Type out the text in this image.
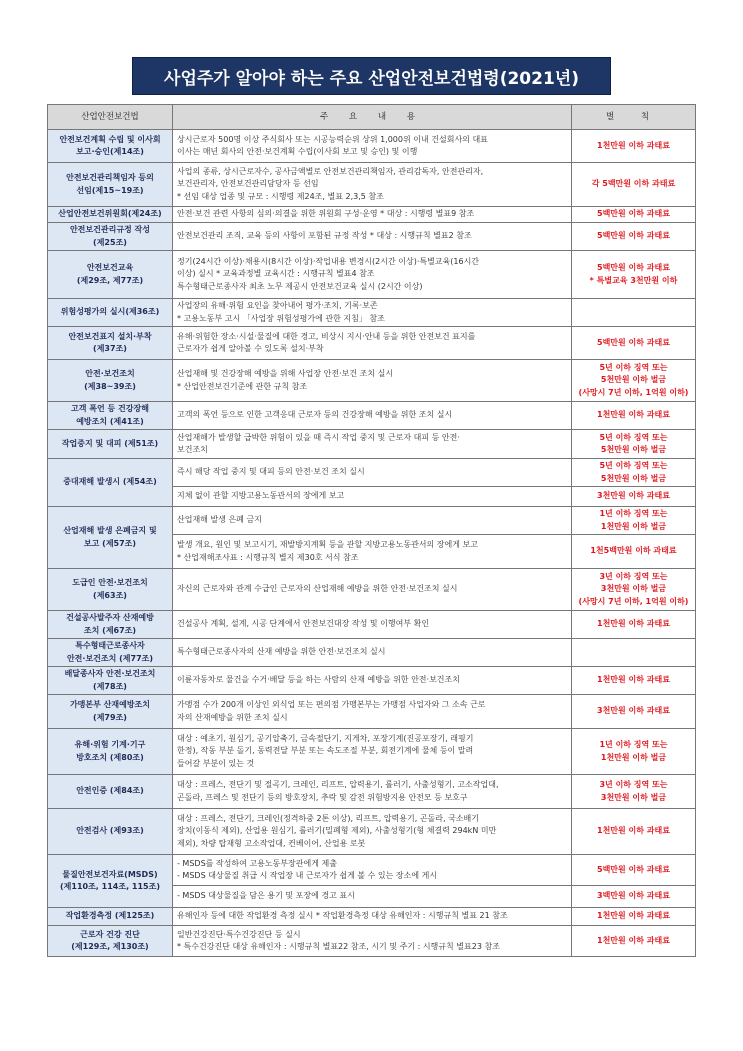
사업주가 알아야 하는 주요 산업안전보건법령(2021년)
산업안전보건법	주 요 내 용	벌 칙

안전보건계획 수립 및 이사회
보고·승인(제14조)	상시근로자 500명 이상 주식회사 또는 시공능력순위 상위 1,000위 이내 건설회사의 대표
이사는 매년 회사의 안전·보건계획 수립(이사회 보고 및 승인) 및 이행	1천만원 이하 과태료

안전보건관리책임자 등의
선임(제15~19조)	사업의 종류, 상시근로자수, 공사금액별로 안전보건관리책임자, 관리감독자, 안전관리자,
보건관리자, 안전보건관리담당자 등 선임
* 선임 대상 업종 및 규모 : 시행령 제24조, 별표 2,3,5 참조	각 5백만원 이하 과태료

산업안전보건위원회(제24조)	안전·보건 관련 사항의 심의·의결을 위한 위원회 구성·운영 * 대상 : 시행령 별표9 참조	5백만원 이하 과태료

안전보건관리규정 작성
(제25조)	안전보건관리 조직, 교육 등의 사항이 포함된 규정 작성 * 대상 : 시행규칙 별표2 참조	5백만원 이하 과태료

안전보건교육
(제29조, 제77조)	정기(24시간 이상)·채용시(8시간 이상)·작업내용 변경시(2시간 이상)·특별교육(16시간
이상) 실시 * 교육과정별 교육시간 : 시행규칙 별표4 참조
특수형태근로종사자 최초 노무 제공시 안전보건교육 실시 (2시간 이상)	5백만원 이하 과태료
* 특별교육 3천만원 이하

위험성평가의 실시(제36조)	사업장의 유해·위험 요인을 찾아내어 평가·조치, 기록·보존
* 고용노동부 고시 「사업장 위험성평가에 관한 지침」 참조	

안전보건표지 설치·부착
(제37조)	유해·위험한 장소·시설·물질에 대한 경고, 비상시 지시·안내 등을 위한 안전보건 표지를
근로자가 쉽게 알아볼 수 있도록 설치·부착	5백만원 이하 과태료

안전·보건조치
(제38~39조)	산업재해 및 건강장해 예방을 위해 사업장 안전·보건 조치 실시
* 산업안전보건기준에 관한 규칙 참조	5년 이하 징역 또는
5천만원 이하 벌금
(사망시 7년 이하, 1억원 이하)

고객 폭언 등 건강장해
예방조치 (제41조)	고객의 폭언 등으로 인한 고객응대 근로자 등의 건강장해 예방을 위한 조치 실시	1천만원 이하 과태료

작업중지 및 대피 (제51조)	산업재해가 발생할 급박한 위험이 있을 때 즉시 작업 중지 및 근로자 대피 등 안전·
보건조치	5년 이하 징역 또는
5천만원 이하 벌금

중대재해 발생시 (제54조)	즉시 해당 작업 중지 및 대피 등의 안전·보건 조치 실시	5년 이하 징역 또는
5천만원 이하 벌금

	지체 없이 관할 지방고용노동관서의 장에게 보고	3천만원 이하 과태료

산업재해 발생 은폐금지 및
보고 (제57조)	산업재해 발생 은폐 금지	1년 이하 징역 또는
1천만원 이하 벌금

	발생 개요, 원인 및 보고시기, 재발방지계획 등을 관할 지방고용노동관서의 장에게 보고
* 산업재해조사표 : 시행규칙 별지 제30호 서식 참조	1천5백만원 이하 과태료

도급인 안전·보건조치
(제63조)	자신의 근로자와 관계 수급인 근로자의 산업재해 예방을 위한 안전·보건조치 실시	3년 이하 징역 또는
3천만원 이하 벌금
(사망시 7년 이하, 1억원 이하)

건설공사발주자 산재예방
조치 (제67조)	건설공사 계획, 설계, 시공 단계에서 안전보건대장 작성 및 이행여부 확인	1천만원 이하 과태료

특수형태근로종사자
안전·보건조치 (제77조)	특수형태근로종사자의 산재 예방을 위한 안전·보건조치 실시	

배달종사자 안전·보건조치
(제78조)	이륜자동차로 물건을 수거·배달 등을 하는 사람의 산재 예방을 위한 안전·보건조치	1천만원 이하 과태료

가맹본부 산재예방조치
(제79조)	가맹점 수가 200개 이상인 외식업 또는 편의점 가맹본부는 가맹점 사업자와 그 소속 근로
자의 산재예방을 위한 조치 실시	3천만원 이하 과태료

유해·위험 기계·기구
방호조치 (제80조)	대상 : 예초기, 원심기, 공기압축기, 금속절단기, 지게차, 포장기계(진공포장기, 래핑기
한정), 작동 부분 돌기, 동력전달 부분 또는 속도조절 부분, 회전기계에 물체 등이 말려
들어갈 부분이 있는 것	1년 이하 징역 또는
1천만원 이하 벌금

안전인증 (제84조)	대상 : 프레스, 전단기 및 절곡기, 크레인, 리프트, 압력용기, 롤러기, 사출성형기, 고소작업대,
곤돌라, 프레스 및 전단기 등의 방호장치, 추락 및 감전 위험방지용 안전모 등 보호구	3년 이하 징역 또는
3천만원 이하 벌금

안전검사 (제93조)	대상 : 프레스, 전단기, 크레인(정격하중 2톤 이상), 리프트, 압력용기, 곤돌라, 국소배기
장치(이동식 제외), 산업용 원심기, 롤러기(밀폐형 제외), 사출성형기(형 체결력 294kN 미만
제외), 차량 탑재형 고소작업대, 컨베이어, 산업용 로봇	1천만원 이하 과태료

물질안전보건자료(MSDS)
(제110조, 114조, 115조)	- MSDS를 작성하여 고용노동부장관에게 제출
- MSDS 대상물질 취급 시 작업장 내 근로자가 쉽게 볼 수 있는 장소에 게시	5백만원 이하 과태료

	- MSDS 대상물질을 담은 용기 및 포장에 경고 표시	3백만원 이하 과태료

작업환경측정 (제125조)	유해인자 등에 대한 작업환경 측정 실시 * 작업환경측정 대상 유해인자 : 시행규칙 별표 21 참조	1천만원 이하 과태료

근로자 건강 진단
(제129조, 제130조)	일반건강진단·특수건강진단 등 실시
* 특수건강진단 대상 유해인자 : 시행규칙 별표22 참조, 시기 및 주기 : 시행규칙 별표23 참조	1천만원 이하 과태료
